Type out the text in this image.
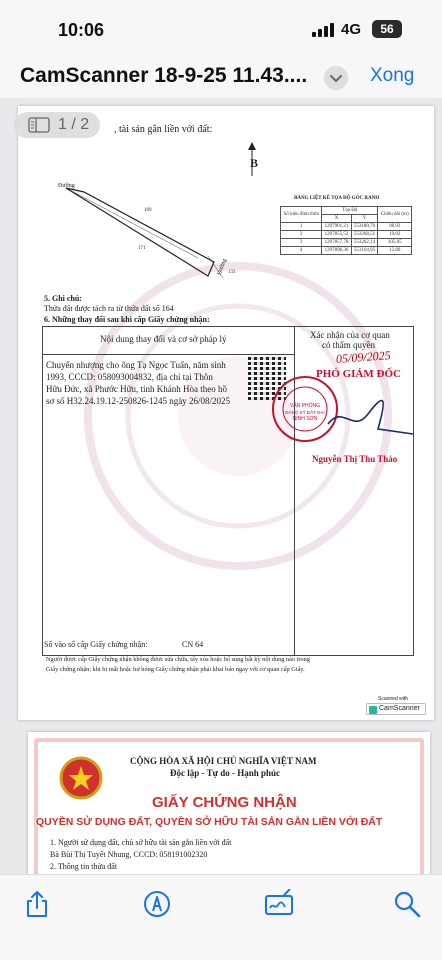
10:06	4G	56
CamScanner 18-9-25 11.43....	Xong
, tài sản gắn liền với đất:
B
Đường
169
171
Đường 133
BẢNG LIỆT KÊ TỌA ĐỘ GÓC RANH
Số hiệu đỉnh thửa	Tọa Độ		Chiều dài (m)
	X	Y	
1	1297901,21	553180,76	98.93
2	1297855,52	553268,51	19.02
3	1297857,78	553262,14	105.05
4	1297896,36	553164,95	12.80
5. Ghi chú:
Thửa đất được tách ra từ thửa đất số 164
6. Những thay đổi sau khi cấp Giấy chứng nhận:
Nội dung thay đổi và cơ sở pháp lý	Xác nhận của cơ quan
có thẩm quyền
Chuyển nhượng cho ông Tạ Ngọc Tuấn, năm sinh
1993, CCCD: 058093004832, địa chỉ tại Thôn
Hữu Đức, xã Phước Hữu, tỉnh Khánh Hòa theo hồ
sơ số H32.24.19.12-250826-1245 ngày 26/08/2025
05/09/2025
PHÓ GIÁM ĐỐC
VĂN PHÒNG
ĐĂNG KÝ ĐẤT ĐAI
NINH SƠN
Nguyễn Thị Thu Thảo
Số vào sổ cấp Giấy chứng nhận:	CN 64
Người được cấp Giấy chứng nhận không được sửa chữa, tẩy xóa hoặc bổ sung bất kỳ nội dung nào trong
Giấy chứng nhận; khi bị mất hoặc hư hỏng Giấy chứng nhận phải khai báo ngay với cơ quan cấp Giấy.
Scanned with
CamScanner
CỘNG HÒA XÃ HỘI CHỦ NGHĨA VIỆT NAM
Độc lập - Tự do - Hạnh phúc
GIẤY CHỨNG NHẬN
QUYỀN SỬ DỤNG ĐẤT, QUYỀN SỞ HỮU TÀI SẢN GẮN LIỀN VỚI ĐẤT
1. Người sử dụng đất, chủ sở hữu tài sản gắn liền với đất
Bà Bùi Thị Tuyết Nhung, CCCD: 058191002320
2. Thông tin thửa đất
1 / 2
